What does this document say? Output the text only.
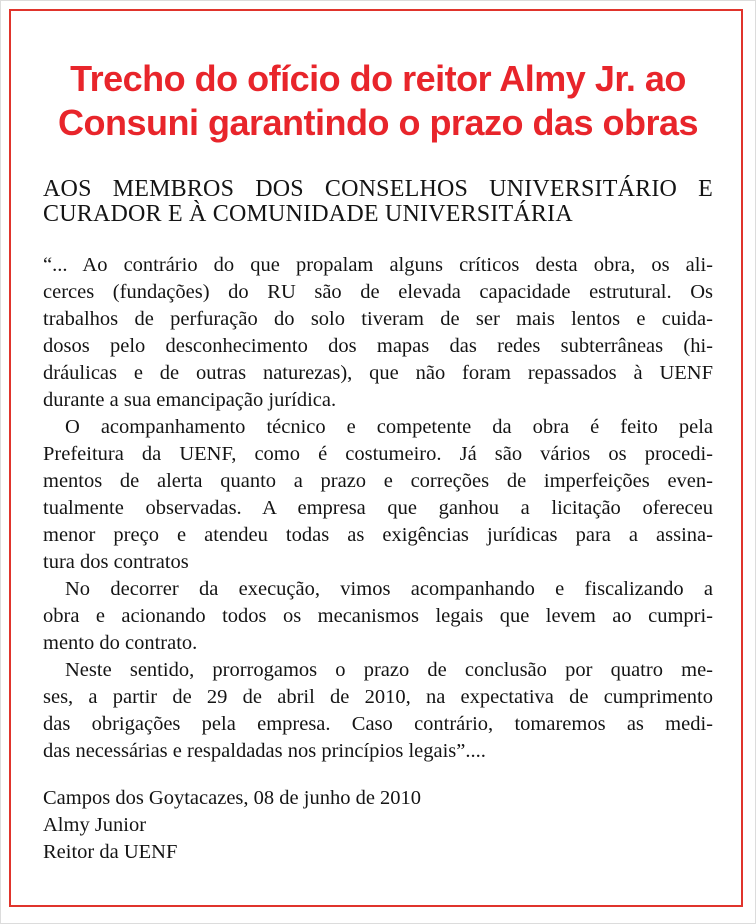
Trecho do ofício do reitor Almy Jr. ao
Consuni garantindo o prazo das obras
AOS MEMBROS DOS CONSELHOS UNIVERSITÁRIO E
CURADOR E À COMUNIDADE UNIVERSITÁRIA
“... Ao contrário do que propalam alguns críticos desta obra, os ali-
cerces (fundações) do RU são de elevada capacidade estrutural. Os
trabalhos de perfuração do solo tiveram de ser mais lentos e cuida-
dosos pelo desconhecimento dos mapas das redes subterrâneas (hi-
dráulicas e de outras naturezas), que não foram repassados à UENF
durante a sua emancipação jurídica.
O acompanhamento técnico e competente da obra é feito pela
Prefeitura da UENF, como é costumeiro. Já são vários os procedi-
mentos de alerta quanto a prazo e correções de imperfeições even-
tualmente observadas. A empresa que ganhou a licitação ofereceu
menor preço e atendeu todas as exigências jurídicas para a assina-
tura dos contratos
No decorrer da execução, vimos acompanhando e fiscalizando a
obra e acionando todos os mecanismos legais que levem ao cumpri-
mento do contrato.
Neste sentido, prorrogamos o prazo de conclusão por quatro me-
ses, a partir de 29 de abril de 2010, na expectativa de cumprimento
das obrigações pela empresa. Caso contrário, tomaremos as medi-
das necessárias e respaldadas nos princípios legais”....
Campos dos Goytacazes, 08 de junho de 2010
Almy Junior
Reitor da UENF
